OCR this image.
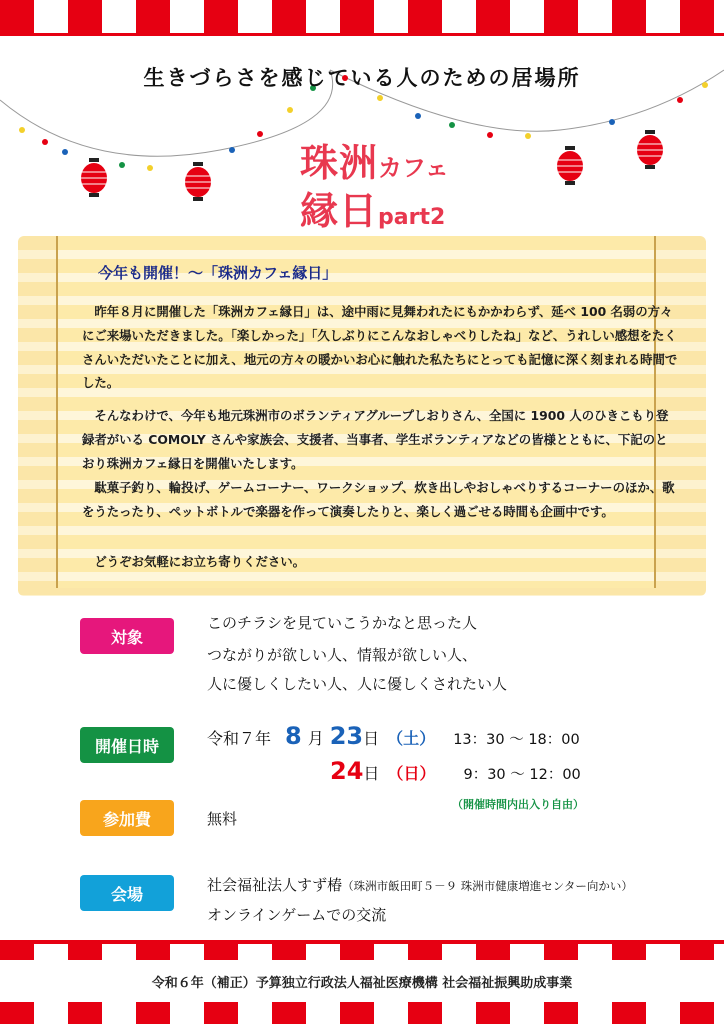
生きづらさを感じている人のための居場所
珠洲カフェ
縁日part2
今年も開催！～「珠洲カフェ縁日」
　昨年８月に開催した「珠洲カフェ縁日」は、途中雨に見舞われたにもかかわらず、延べ 100 名弱の方々にご来場いただきました。「楽しかった」「久しぶりにこんなおしゃべりしたね」など、うれしい感想をたくさんいただいたことに加え、地元の方々の暖かいお心に触れた私たちにとっても記憶に深く刻まれる時間でした。
　そんなわけで、今年も地元珠洲市のボランティアグループしおりさん、全国に 1900 人のひきこもり登録者がいる COMOLY さんや家族会、支援者、当事者、学生ボランティアなどの皆様とともに、下記のとおり珠洲カフェ縁日を開催いたします。
　駄菓子釣り、輪投げ、ゲームコーナー、ワークショップ、炊き出しやおしゃべりするコーナーのほか、歌をうたったり、ペットボトルで楽器を作って演奏したりと、楽しく過ごせる時間も企画中です。
　どうぞお気軽にお立ち寄りください。
対象
このチラシを見ていこうかなと思った人
つながりが欲しい人、情報が欲しい人、
人に優しくしたい人、人に優しくされたい人
開催日時	令和７年 8 月 23 日 （ 土 ） 13：30 ～ 18：00
24 日 （ 日 ） 9：30 ～ 12：00
（開催時間内出入り自由）
参加費	無料
会場	社会福祉法人すず椿（珠洲市飯田町５－９ 珠洲市健康増進センター向かい）
オンラインゲームでの交流
令和６年（補正）予算独立行政法人福祉医療機構 社会福祉振興助成事業
